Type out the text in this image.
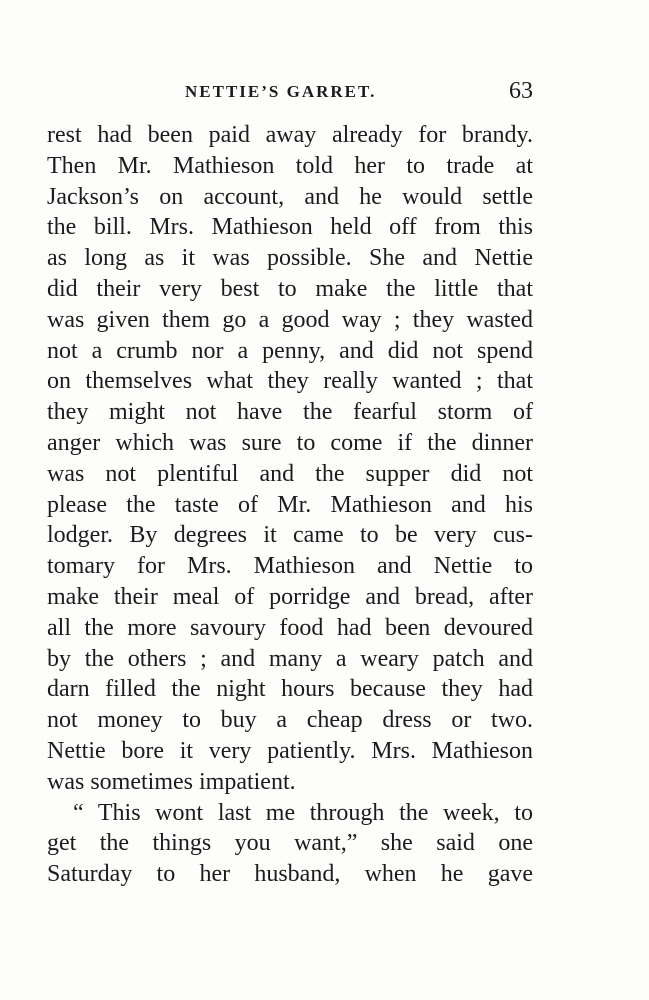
NETTIE’S GARRET.	63
rest had been paid away already for brandy.
Then Mr. Mathieson told her to trade at
Jackson’s on account, and he would settle
the bill. Mrs. Mathieson held off from this
as long as it was possible. She and Nettie
did their very best to make the little that
was given them go a good way ; they wasted
not a crumb nor a penny, and did not spend
on themselves what they really wanted ; that
they might not have the fearful storm of
anger which was sure to come if the dinner
was not plentiful and the supper did not
please the taste of Mr. Mathieson and his
lodger. By degrees it came to be very cus-
tomary for Mrs. Mathieson and Nettie to
make their meal of porridge and bread, after
all the more savoury food had been devoured
by the others ; and many a weary patch and
darn filled the night hours because they had
not money to buy a cheap dress or two.
Nettie bore it very patiently. Mrs. Mathieson
was sometimes impatient.
“ This wont last me through the week, to
get the things you want,” she said one
Saturday to her husband, when he gave
